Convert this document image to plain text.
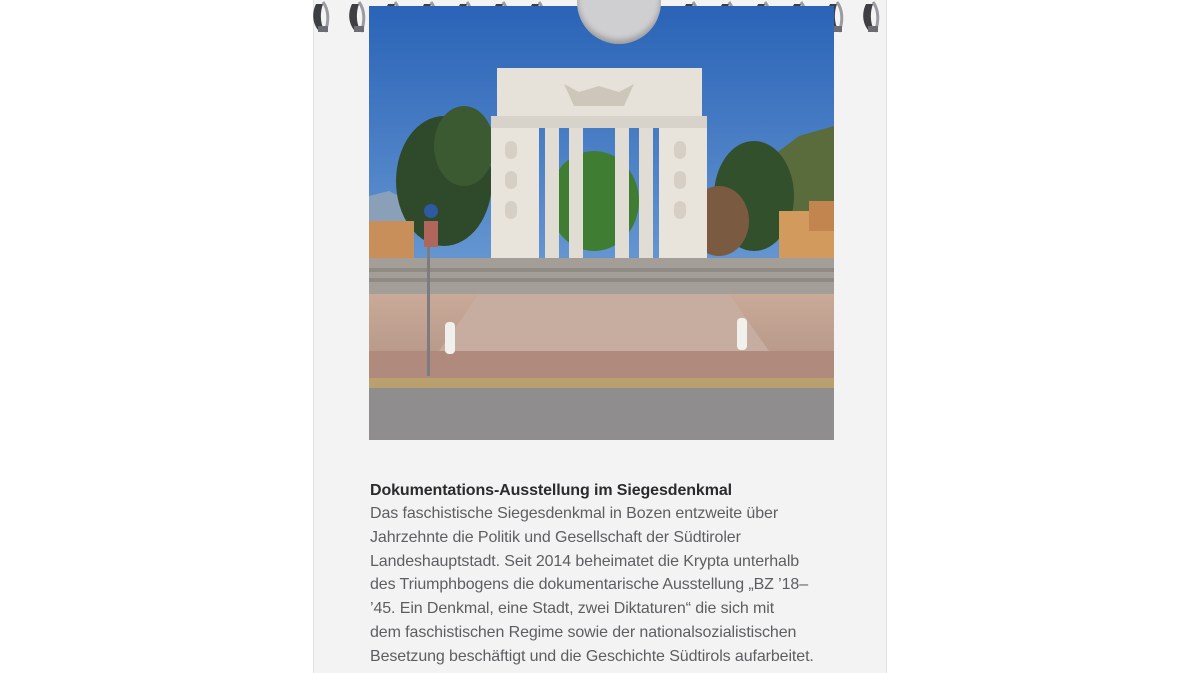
Dokumentations-Ausstellung im Siegesdenkmal

Das faschistische Siegesdenkmal in Bozen entzweite über

Jahrzehnte die Politik und Gesellschaft der Südtiroler

Landeshauptstadt. Seit 2014 beheimatet die Krypta unterhalb

des Triumphbogens die dokumentarische Ausstellung „BZ ’18–

’45. Ein Denkmal, eine Stadt, zwei Diktaturen“ die sich mit

dem faschistischen Regime sowie der nationalsozialistischen

Besetzung beschäftigt und die Geschichte Südtirols aufarbeitet.
